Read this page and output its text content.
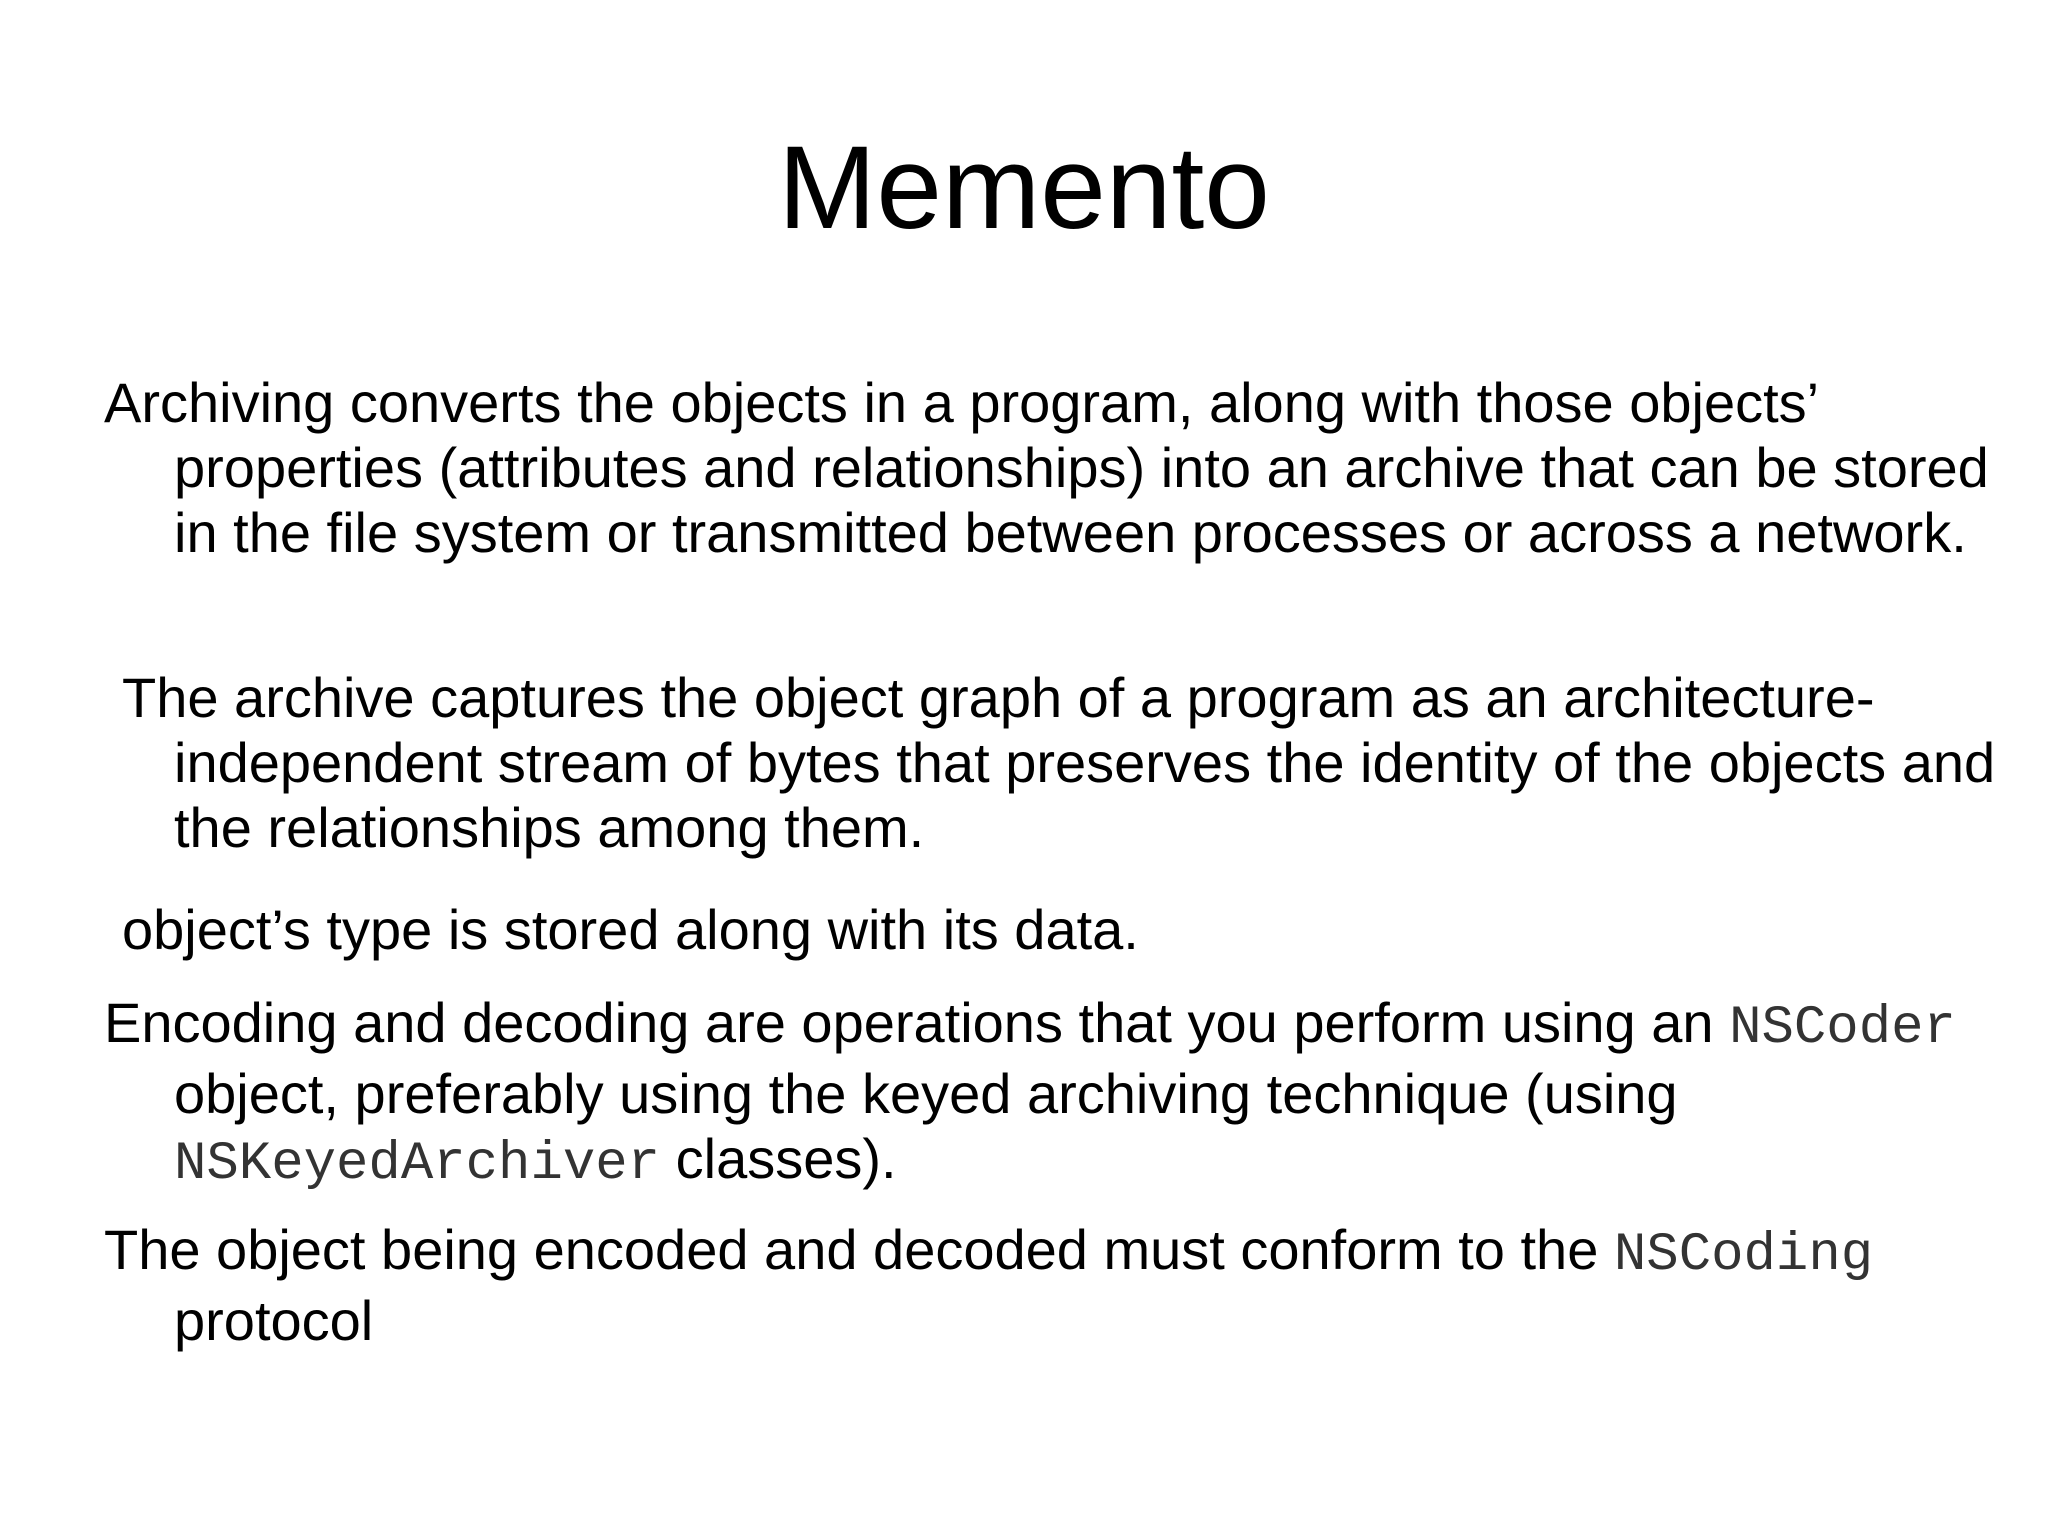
Memento

Archiving converts the objects in a program, along with those objects’ properties (attributes and relationships) into an archive that can be stored in the file system or transmitted between processes or across a network.

The archive captures the object graph of a program as an architecture-independent stream of bytes that preserves the identity of the objects and the relationships among them.

object’s type is stored along with its data.

Encoding and decoding are operations that you perform using an NSCoder object, preferably using the keyed archiving technique (using NSKeyedArchiver classes).

The object being encoded and decoded must conform to the NSCoding protocol
